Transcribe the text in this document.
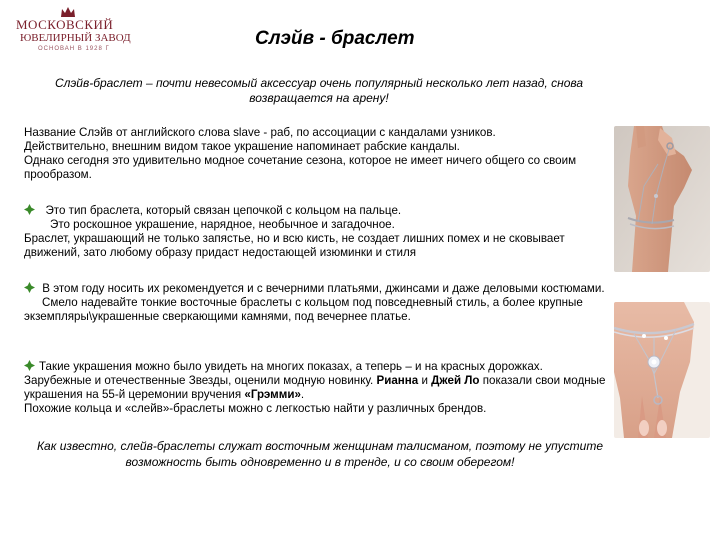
МОСКОВСКИЙ
ЮВЕЛИРНЫЙ ЗАВОД
ОСНОВАН В 1928 Г	Слэйв - браслет
Слэйв-браслет – почти невесомый аксессуар очень популярный несколько лет назад, снова возвращается на арену!

Название Слэйв от английского слова slave - раб, по ассоциации с кандалами узников.

Действительно, внешним видом такое украшение напоминает рабские кандалы.

Однако сегодня это удивительно модное сочетание сезона, которое не имеет ничего общего со своим прообразом.

Это тип браслета, который связан цепочкой с кольцом на пальце.

Это роскошное украшение, нарядное, необычное и загадочное.

Браслет, украшающий не только запястье, но и всю кисть, не создает лишних помех и не сковывает движений, зато любому образу придаст недостающей изюминки и стиля

В этом году носить их рекомендуется и с вечерними платьями, джинсами и даже деловыми костюмами.

Смело надевайте тонкие восточные браслеты с кольцом под повседневный стиль, а более крупные экземпляры\украшенные сверкающими камнями, под вечернее платье.

Такие украшения можно было увидеть на многих показах, а теперь – и на красных дорожках.

Зарубежные и отечественные Звезды, оценили модную новинку. Рианна и Джей Ло показали свои модные украшения на 55-й церемонии вручения «Грэмми».

Похожие кольца и «слейв»-браслеты можно с легкостью найти у различных брендов.

Как известно, слейв-браслеты служат восточным женщинам талисманом, поэтому не упустите возможность быть одновременно и в тренде, и со своим оберегом!
